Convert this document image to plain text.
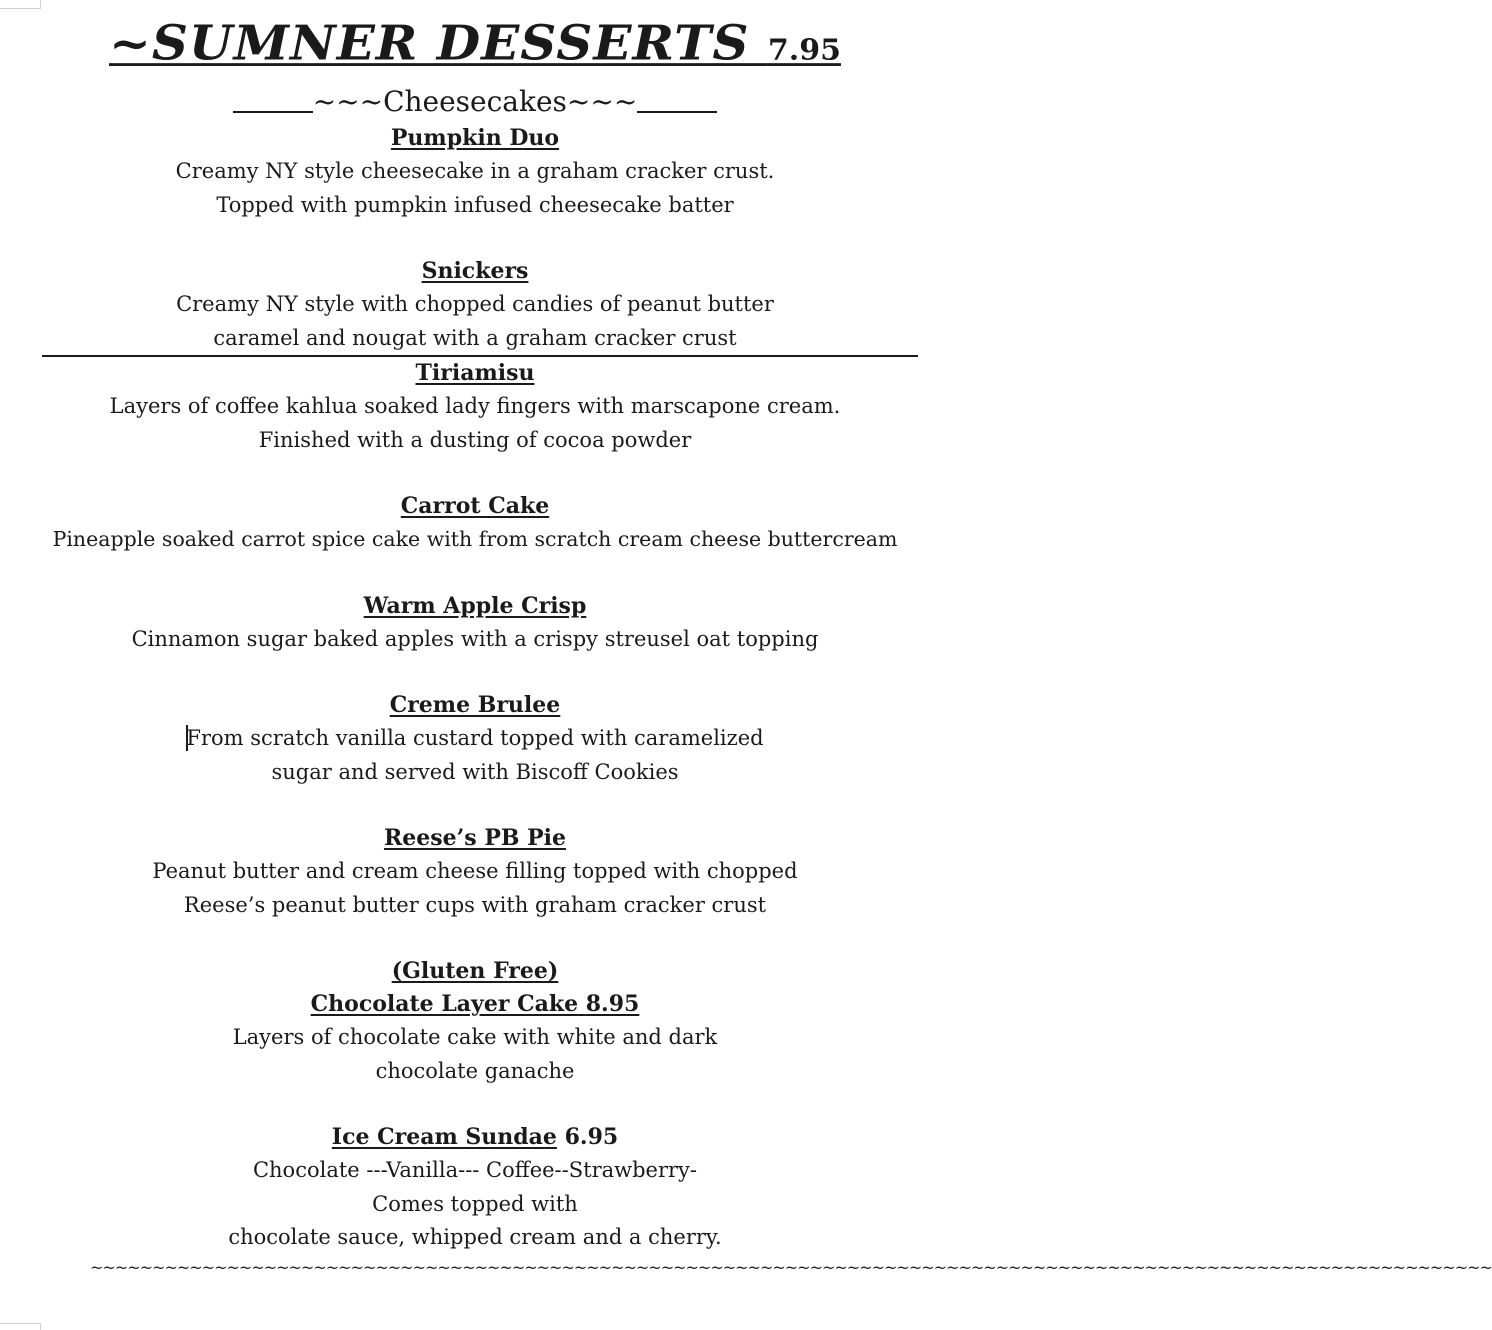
~SUMNER DESSERTS 7.95
~~~Cheesecakes~~~
Pumpkin Duo
Creamy NY style cheesecake in a graham cracker crust.
Topped with pumpkin infused cheesecake batter
Snickers
Creamy NY style with chopped candies of peanut butter
caramel and nougat with a graham cracker crust
Tiriamisu
Layers of coffee kahlua soaked lady fingers with marscapone cream.
Finished with a dusting of cocoa powder
Carrot Cake
Pineapple soaked carrot spice cake with from scratch cream cheese buttercream
Warm Apple Crisp
Cinnamon sugar baked apples with a crispy streusel oat topping
Creme Brulee
From scratch vanilla custard topped with caramelized
sugar and served with Biscoff Cookies
Reese’s PB Pie
Peanut butter and cream cheese filling topped with chopped
Reese’s peanut butter cups with graham cracker crust
(Gluten Free)
Chocolate Layer Cake 8.95
Layers of chocolate cake with white and dark
chocolate ganache
Ice Cream Sundae 6.95
Chocolate ---Vanilla--- Coffee--Strawberry-
Comes topped with
chocolate sauce, whipped cream and a cherry.
~~~~~~~~~~~~~~~~~~~~~~~~~~~~~~~~~~~~~~~~~~~~~~~~~~~~~~~~~~~~~~~~~~~~~~~~~~~~~~~~~~~~~~~~~~~~~~~~~~~~~~~~~~~~~~~~~
